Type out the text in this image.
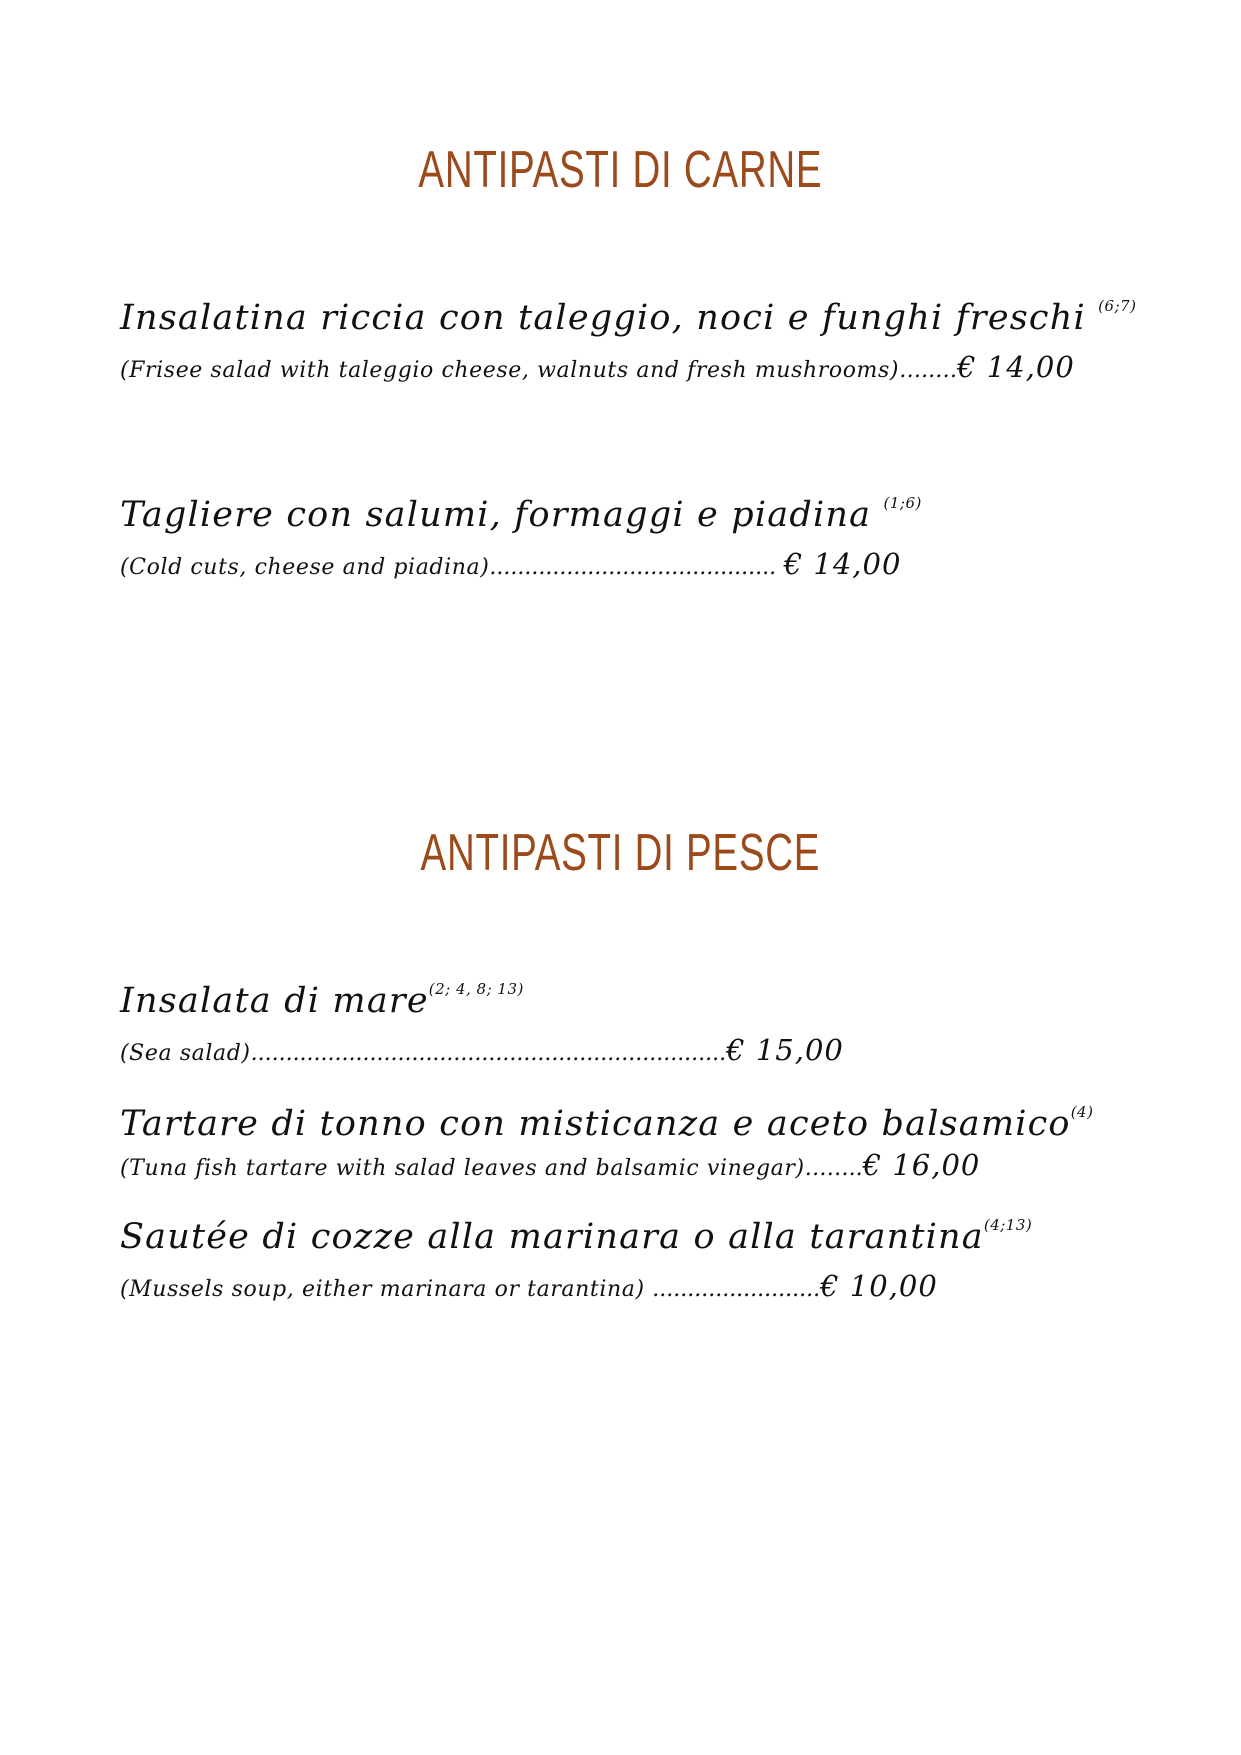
ANTIPASTI DI CARNE
Insalatina riccia con taleggio, noci e funghi freschi $^{(6;7)}$
(Frisee salad with taleggio cheese, walnuts and fresh mushrooms)…..…€ 14,00
Tagliere con salumi, formaggi e piadina $^{(1;6)}$
(Cold cuts, cheese and piadina)......................................... € 14,00
ANTIPASTI DI PESCE
Insalata di mare$^{(2; 4, 8; 13)}$
(Sea salad)....................................................................€ 15,00
Tartare di tonno con misticanza e aceto balsamico$^{(4)}$
(Tuna fish tartare with salad leaves and balsamic vinegar)……..€ 16,00
Sautée di cozze alla marinara o alla tarantina$^{(4;13)}$
(Mussels soup, either marinara or tarantina) ........................€ 10,00
